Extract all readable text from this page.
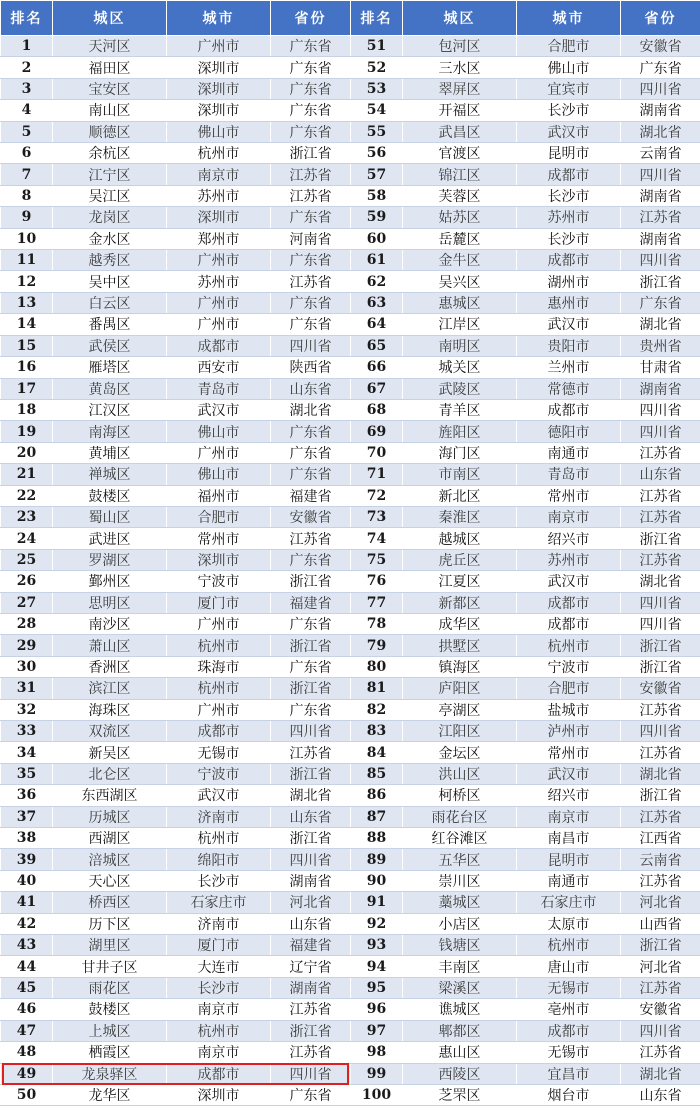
排名	城区	城市	省份	排名	城区	城市	省份
1	天河区	广州市	广东省	51	包河区	合肥市	安徽省
2	福田区	深圳市	广东省	52	三水区	佛山市	广东省
3	宝安区	深圳市	广东省	53	翠屏区	宜宾市	四川省
4	南山区	深圳市	广东省	54	开福区	长沙市	湖南省
5	顺德区	佛山市	广东省	55	武昌区	武汉市	湖北省
6	余杭区	杭州市	浙江省	56	官渡区	昆明市	云南省
7	江宁区	南京市	江苏省	57	锦江区	成都市	四川省
8	吴江区	苏州市	江苏省	58	芙蓉区	长沙市	湖南省
9	龙岗区	深圳市	广东省	59	姑苏区	苏州市	江苏省
10	金水区	郑州市	河南省	60	岳麓区	长沙市	湖南省
11	越秀区	广州市	广东省	61	金牛区	成都市	四川省
12	吴中区	苏州市	江苏省	62	吴兴区	湖州市	浙江省
13	白云区	广州市	广东省	63	惠城区	惠州市	广东省
14	番禺区	广州市	广东省	64	江岸区	武汉市	湖北省
15	武侯区	成都市	四川省	65	南明区	贵阳市	贵州省
16	雁塔区	西安市	陕西省	66	城关区	兰州市	甘肃省
17	黄岛区	青岛市	山东省	67	武陵区	常德市	湖南省
18	江汉区	武汉市	湖北省	68	青羊区	成都市	四川省
19	南海区	佛山市	广东省	69	旌阳区	德阳市	四川省
20	黄埔区	广州市	广东省	70	海门区	南通市	江苏省
21	禅城区	佛山市	广东省	71	市南区	青岛市	山东省
22	鼓楼区	福州市	福建省	72	新北区	常州市	江苏省
23	蜀山区	合肥市	安徽省	73	秦淮区	南京市	江苏省
24	武进区	常州市	江苏省	74	越城区	绍兴市	浙江省
25	罗湖区	深圳市	广东省	75	虎丘区	苏州市	江苏省
26	鄞州区	宁波市	浙江省	76	江夏区	武汉市	湖北省
27	思明区	厦门市	福建省	77	新都区	成都市	四川省
28	南沙区	广州市	广东省	78	成华区	成都市	四川省
29	萧山区	杭州市	浙江省	79	拱墅区	杭州市	浙江省
30	香洲区	珠海市	广东省	80	镇海区	宁波市	浙江省
31	滨江区	杭州市	浙江省	81	庐阳区	合肥市	安徽省
32	海珠区	广州市	广东省	82	亭湖区	盐城市	江苏省
33	双流区	成都市	四川省	83	江阳区	泸州市	四川省
34	新吴区	无锡市	江苏省	84	金坛区	常州市	江苏省
35	北仑区	宁波市	浙江省	85	洪山区	武汉市	湖北省
36	东西湖区	武汉市	湖北省	86	柯桥区	绍兴市	浙江省
37	历城区	济南市	山东省	87	雨花台区	南京市	江苏省
38	西湖区	杭州市	浙江省	88	红谷滩区	南昌市	江西省
39	涪城区	绵阳市	四川省	89	五华区	昆明市	云南省
40	天心区	长沙市	湖南省	90	崇川区	南通市	江苏省
41	桥西区	石家庄市	河北省	91	藁城区	石家庄市	河北省
42	历下区	济南市	山东省	92	小店区	太原市	山西省
43	湖里区	厦门市	福建省	93	钱塘区	杭州市	浙江省
44	甘井子区	大连市	辽宁省	94	丰南区	唐山市	河北省
45	雨花区	长沙市	湖南省	95	梁溪区	无锡市	江苏省
46	鼓楼区	南京市	江苏省	96	谯城区	亳州市	安徽省
47	上城区	杭州市	浙江省	97	郫都区	成都市	四川省
48	栖霞区	南京市	江苏省	98	惠山区	无锡市	江苏省
49	龙泉驿区	成都市	四川省	99	西陵区	宜昌市	湖北省
50	龙华区	深圳市	广东省	100	芝罘区	烟台市	山东省
